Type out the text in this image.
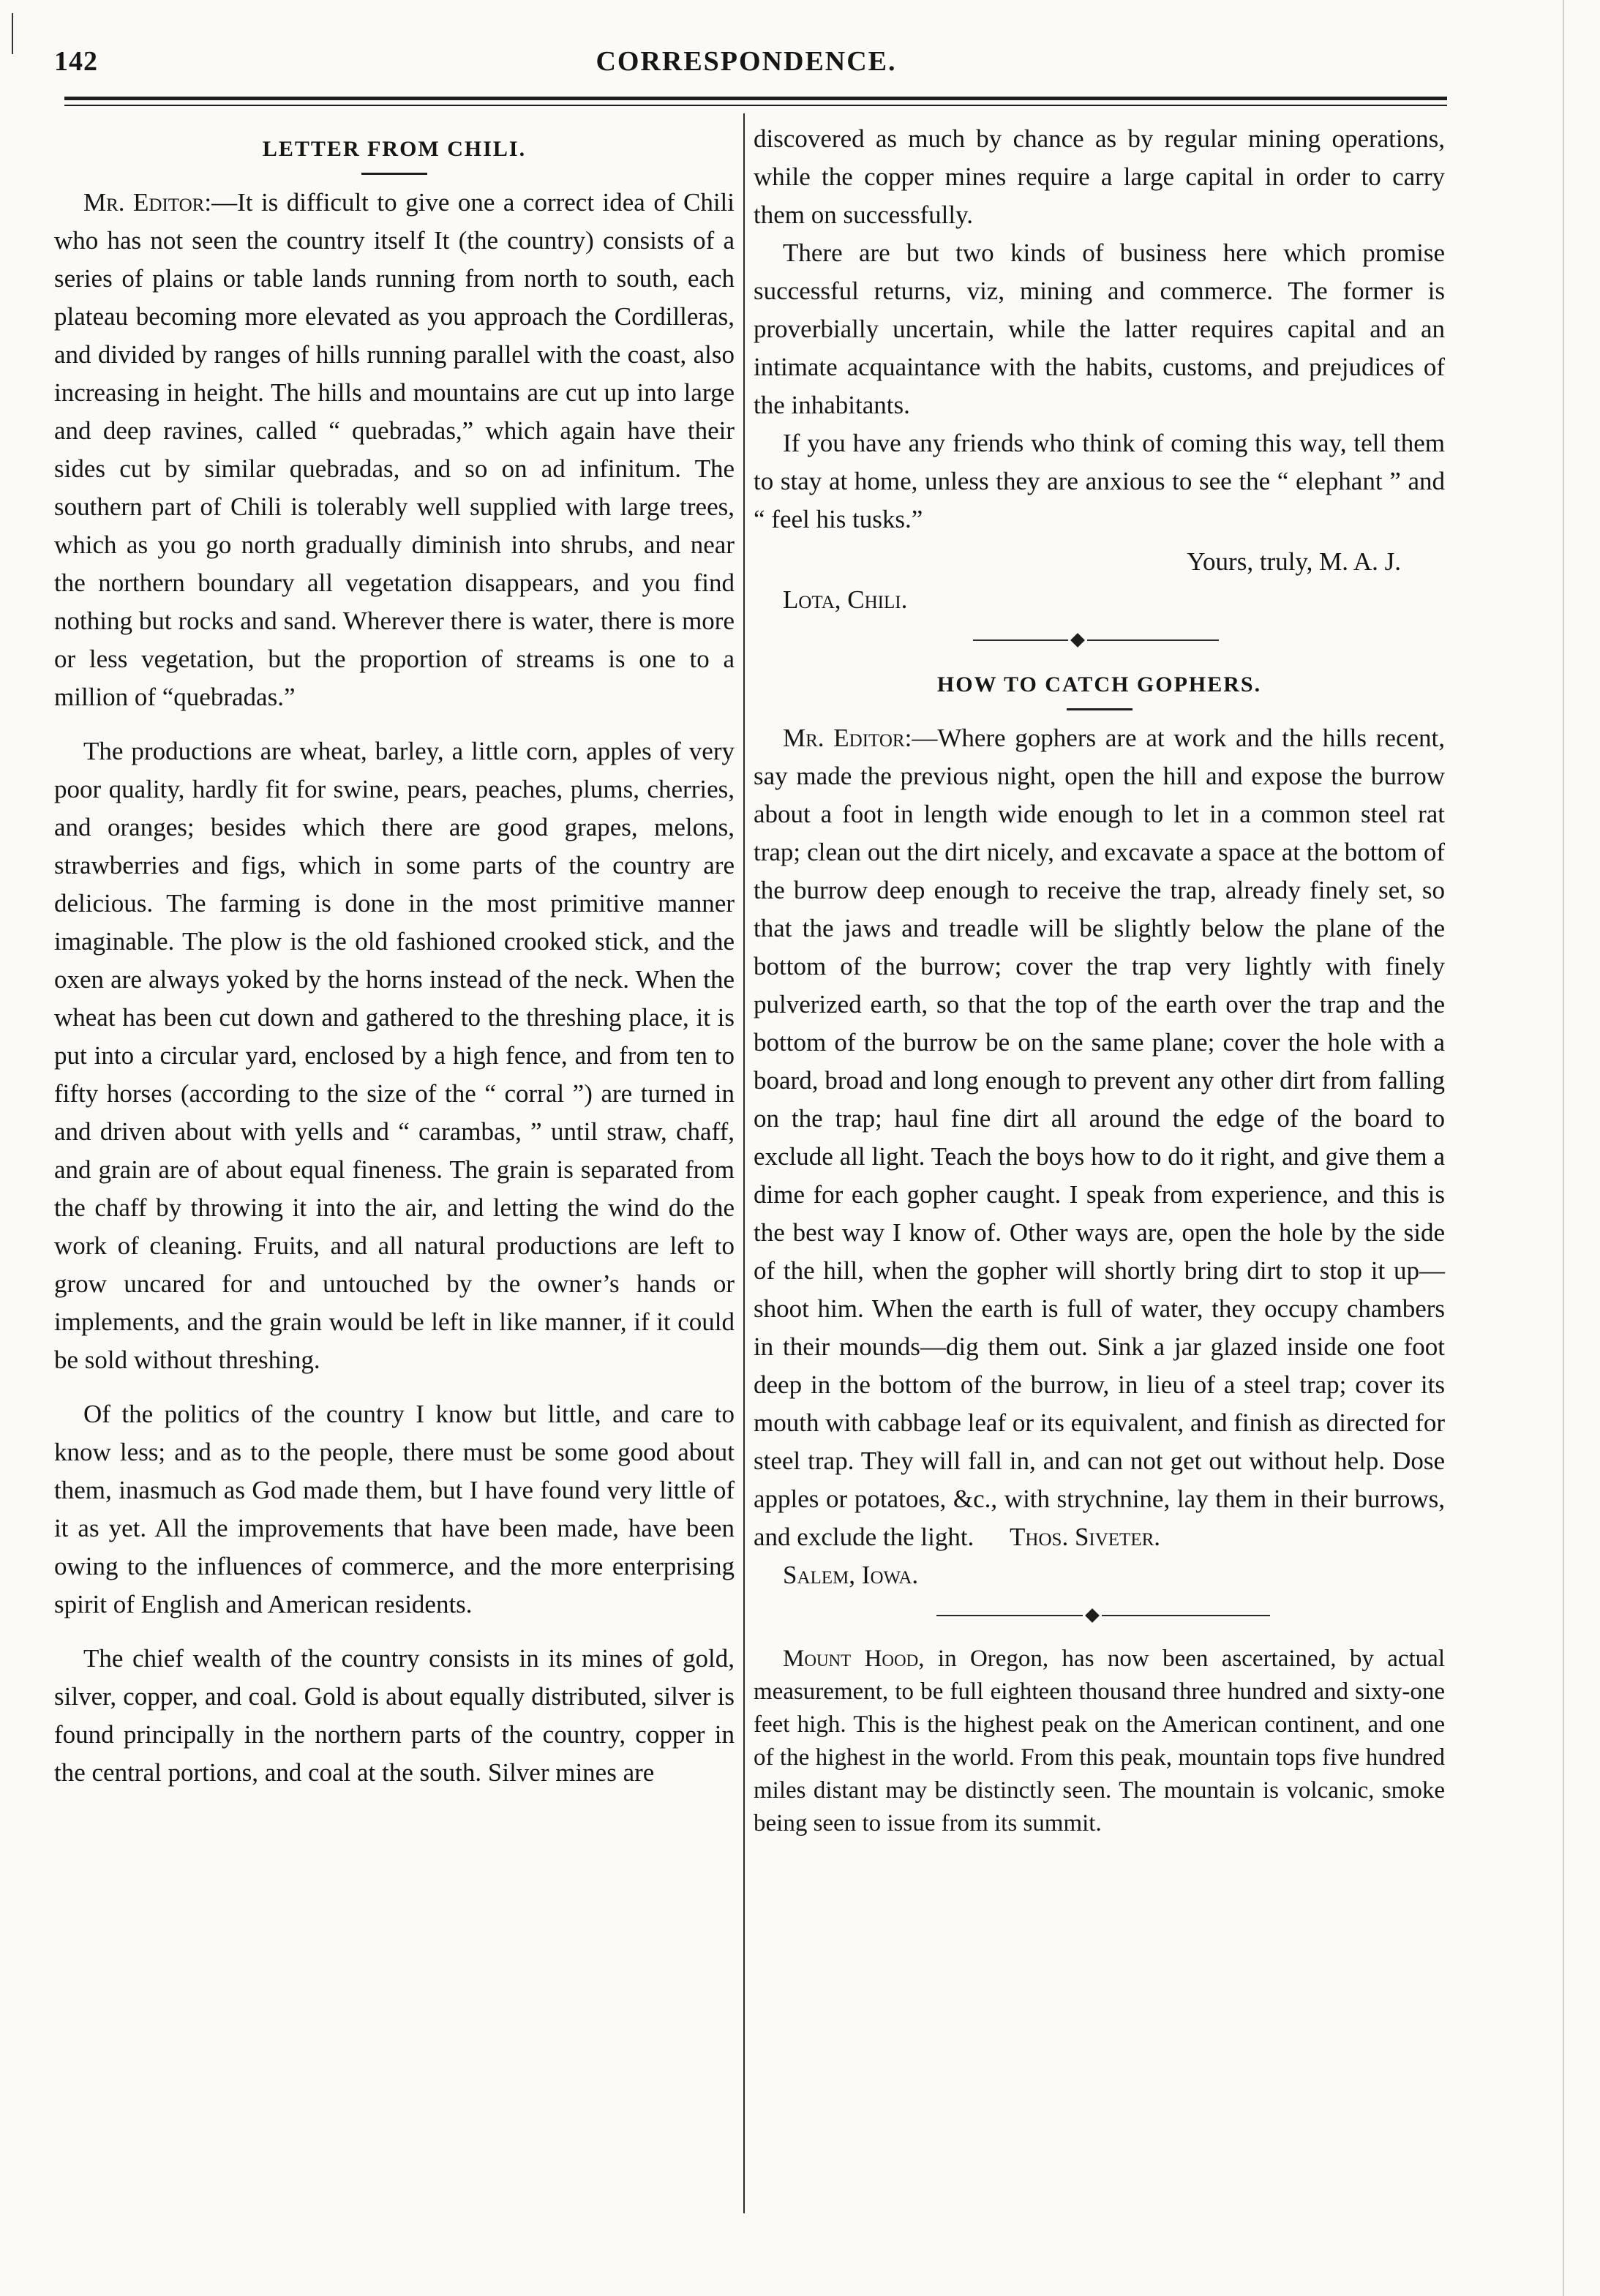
142	CORRESPONDENCE.
LETTER FROM CHILI.

Mr. Editor:—It is difficult to give one a correct idea of Chili who has not seen the country itself It (the country) consists of a series of plains or table lands running from north to south, each plateau becoming more elevated as you approach the Cordilleras, and divided by ranges of hills running parallel with the coast, also increasing in height. The hills and mountains are cut up into large and deep ravines, called “ quebradas,” which again have their sides cut by similar quebradas, and so on ad infinitum. The southern part of Chili is tolerably well supplied with large trees, which as you go north gradually diminish into shrubs, and near the northern boundary all vegetation disappears, and you find nothing but rocks and sand. Wherever there is water, there is more or less vegetation, but the proportion of streams is one to a million of “quebradas.”

The productions are wheat, barley, a little corn, apples of very poor quality, hardly fit for swine, pears, peaches, plums, cherries, and oranges; besides which there are good grapes, melons, strawberries and figs, which in some parts of the country are delicious. The farming is done in the most primitive manner imaginable. The plow is the old fashioned crooked stick, and the oxen are always yoked by the horns instead of the neck. When the wheat has been cut down and gathered to the threshing place, it is put into a circular yard, enclosed by a high fence, and from ten to fifty horses (according to the size of the “ corral ”) are turned in and driven about with yells and “ carambas, ” until straw, chaff, and grain are of about equal fineness. The grain is separated from the chaff by throwing it into the air, and letting the wind do the work of cleaning. Fruits, and all natural productions are left to grow uncared for and untouched by the owner’s hands or implements, and the grain would be left in like manner, if it could be sold without threshing.

Of the politics of the country I know but little, and care to know less; and as to the people, there must be some good about them, inasmuch as God made them, but I have found very little of it as yet. All the improvements that have been made, have been owing to the influences of commerce, and the more enterprising spirit of English and American residents.

The chief wealth of the country consists in its mines of gold, silver, copper, and coal. Gold is about equally distributed, silver is found principally in the northern parts of the country, copper in the central portions, and coal at the south. Silver mines are

discovered as much by chance as by regular mining operations, while the copper mines require a large capital in order to carry them on successfully.

There are but two kinds of business here which promise successful returns, viz, mining and commerce. The former is proverbially uncertain, while the latter requires capital and an intimate acquaintance with the habits, customs, and prejudices of the inhabitants.

If you have any friends who think of coming this way, tell them to stay at home, unless they are anxious to see the “ elephant ” and “ feel his tusks.”

Yours, truly, M. A. J.
Lota, Chili.
HOW TO CATCH GOPHERS.

Mr. Editor:—Where gophers are at work and the hills recent, say made the previous night, open the hill and expose the burrow about a foot in length wide enough to let in a common steel rat trap; clean out the dirt nicely, and excavate a space at the bottom of the burrow deep enough to receive the trap, already finely set, so that the jaws and treadle will be slightly below the plane of the bottom of the burrow; cover the trap very lightly with finely pulverized earth, so that the top of the earth over the trap and the bottom of the burrow be on the same plane; cover the hole with a board, broad and long enough to prevent any other dirt from falling on the trap; haul fine dirt all around the edge of the board to exclude all light. Teach the boys how to do it right, and give them a dime for each gopher caught. I speak from experience, and this is the best way I know of. Other ways are, open the hole by the side of the hill, when the gopher will shortly bring dirt to stop it up—shoot him. When the earth is full of water, they occupy chambers in their mounds—dig them out. Sink a jar glazed inside one foot deep in the bottom of the burrow, in lieu of a steel trap; cover its mouth with cabbage leaf or its equivalent, and finish as directed for steel trap. They will fall in, and can not get out without help. Dose apples or potatoes, &c., with strychnine, lay them in their burrows, and exclude the light. Thos. Siveter.

Salem, Iowa.

Mount Hood, in Oregon, has now been ascertained, by actual measurement, to be full eighteen thousand three hundred and sixty-one feet high. This is the highest peak on the American continent, and one of the highest in the world. From this peak, mountain tops five hundred miles distant may be distinctly seen. The mountain is volcanic, smoke being seen to issue from its summit.
